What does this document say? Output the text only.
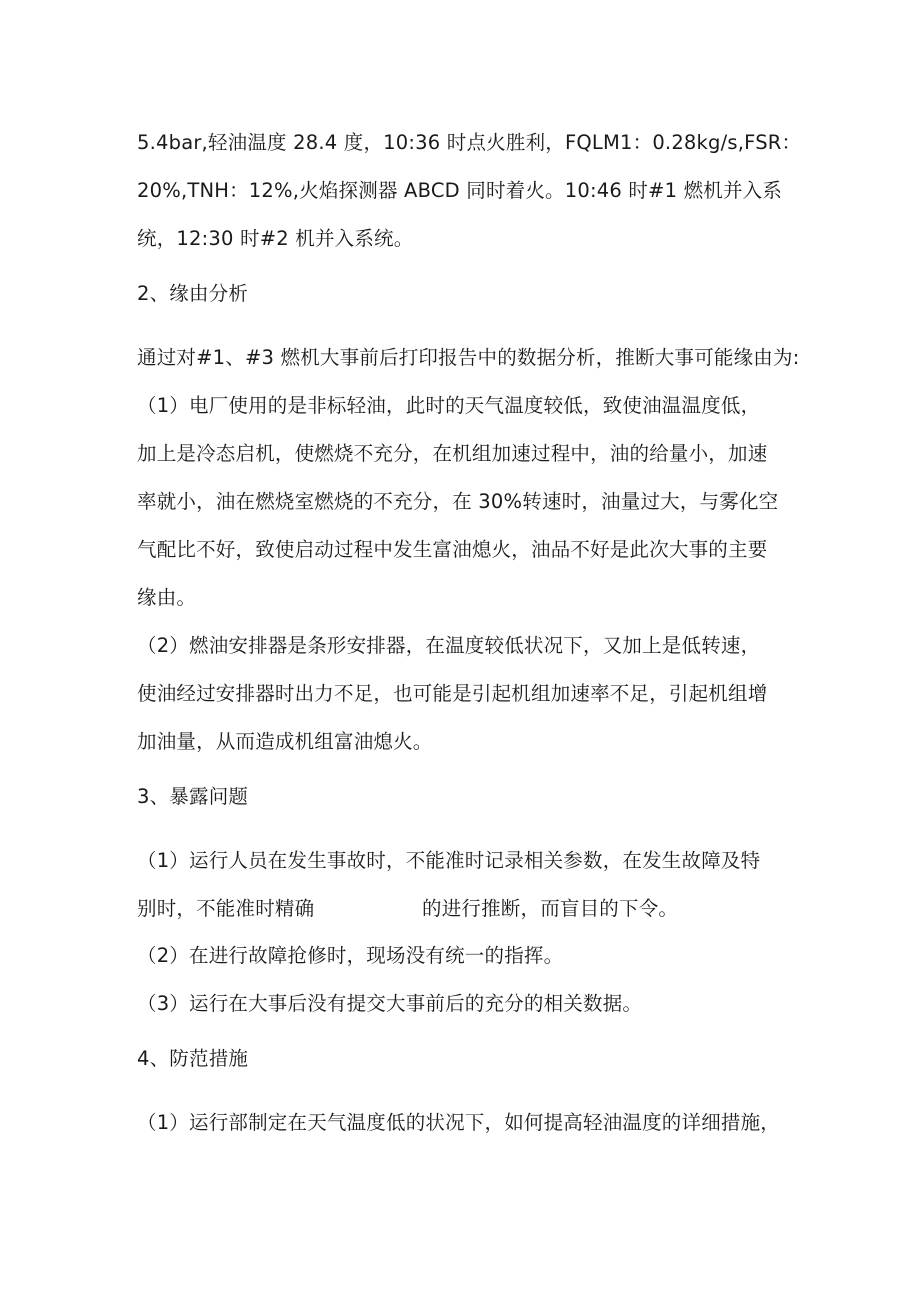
5.4bar,轻油温度 28.4 度，10:36 时点火胜利，FQLM1：0.28kg/s,FSR：
20%,TNH：12%,火焰探测器 ABCD 同时着火。10:46 时#1 燃机并入系
统，12:30 时#2 机并入系统。
2、缘由分析
通过对#1、#3 燃机大事前后打印报告中的数据分析，推断大事可能缘由为:
（1）电厂使用的是非标轻油，此时的天气温度较低，致使油温温度低，
加上是冷态启机，使燃烧不充分，在机组加速过程中，油的给量小，加速
率就小，油在燃烧室燃烧的不充分，在 30%转速时，油量过大，与雾化空
气配比不好，致使启动过程中发生富油熄火，油品不好是此次大事的主要
缘由。
（2）燃油安排器是条形安排器，在温度较低状况下，又加上是低转速，
使油经过安排器时出力不足，也可能是引起机组加速率不足，引起机组增
加油量，从而造成机组富油熄火。
3、暴露问题
（1）运行人员在发生事故时，不能准时记录相关参数，在发生故障及特
别时，不能准时精确	的进行推断，而盲目的下令。
（2）在进行故障抢修时，现场没有统一的指挥。
（3）运行在大事后没有提交大事前后的充分的相关数据。
4、防范措施
（1）运行部制定在天气温度低的状况下，如何提高轻油温度的详细措施，
